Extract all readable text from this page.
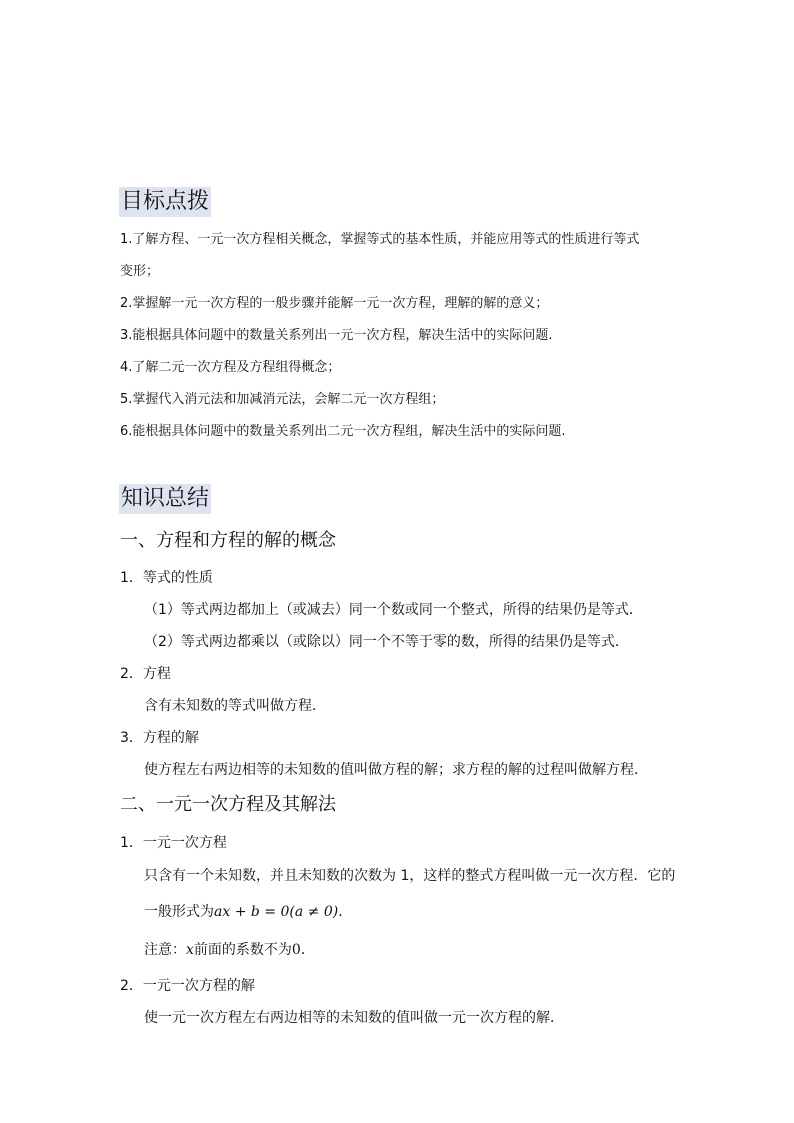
目标点拨
1.了解方程、一元一次方程相关概念，掌握等式的基本性质，并能应用等式的性质进行等式
变形；
2.掌握解一元一次方程的一般步骤并能解一元一次方程，理解的解的意义；
3.能根据具体问题中的数量关系列出一元一次方程，解决生活中的实际问题.
4.了解二元一次方程及方程组得概念；
5.掌握代入消元法和加减消元法，会解二元一次方程组；
6.能根据具体问题中的数量关系列出二元一次方程组，解决生活中的实际问题.
知识总结
一、方程和方程的解的概念
1．等式的性质
（1）等式两边都加上（或减去）同一个数或同一个整式，所得的结果仍是等式．
（2）等式两边都乘以（或除以）同一个不等于零的数，所得的结果仍是等式．
2．方程
含有未知数的等式叫做方程．
3．方程的解
使方程左右两边相等的未知数的值叫做方程的解；求方程的解的过程叫做解方程．
二、一元一次方程及其解法
1．一元一次方程
只含有一个未知数，并且未知数的次数为 1，这样的整式方程叫做一元一次方程．它的
一般形式为ax + b = 0(a ≠ 0)．
注意：x前面的系数不为0．
2．一元一次方程的解
使一元一次方程左右两边相等的未知数的值叫做一元一次方程的解．
